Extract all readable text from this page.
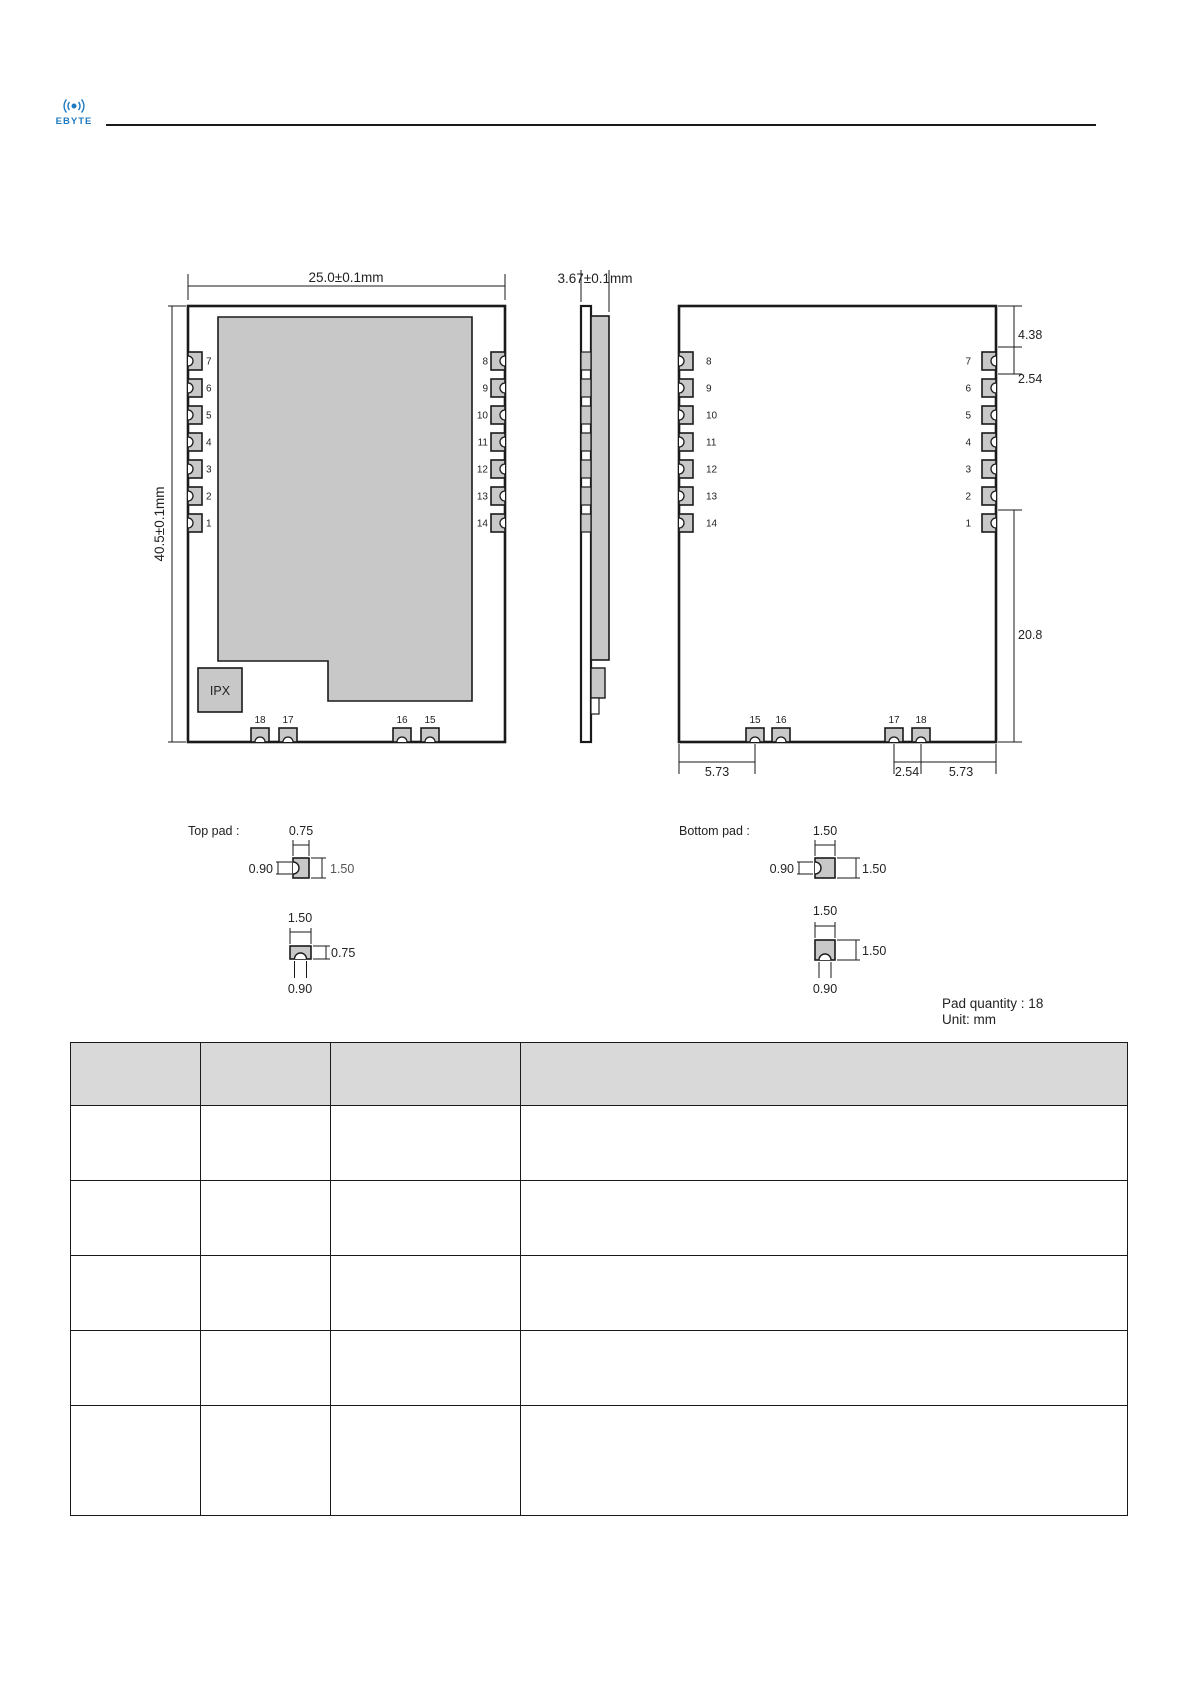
EBYTE
IPX
7
6
5
4
3
2
1
8
9
10
11
12
13
14
18 17	16 15
25.0±0.1mm
40.5±0.1mm
3.67±0.1mm
8
9
10
11
12
13
14
7
6
5
4
3
2
1
15 16	17 18
4.38
2.54
20.8
5.73	2.54 5.73
Top pad :	0.75
0.90	1.50
1.50
0.75
0.90
Bottom pad :	1.50
0.90	1.50
1.50
1.50
0.90
Pad quantity : 18
Unit: mm
